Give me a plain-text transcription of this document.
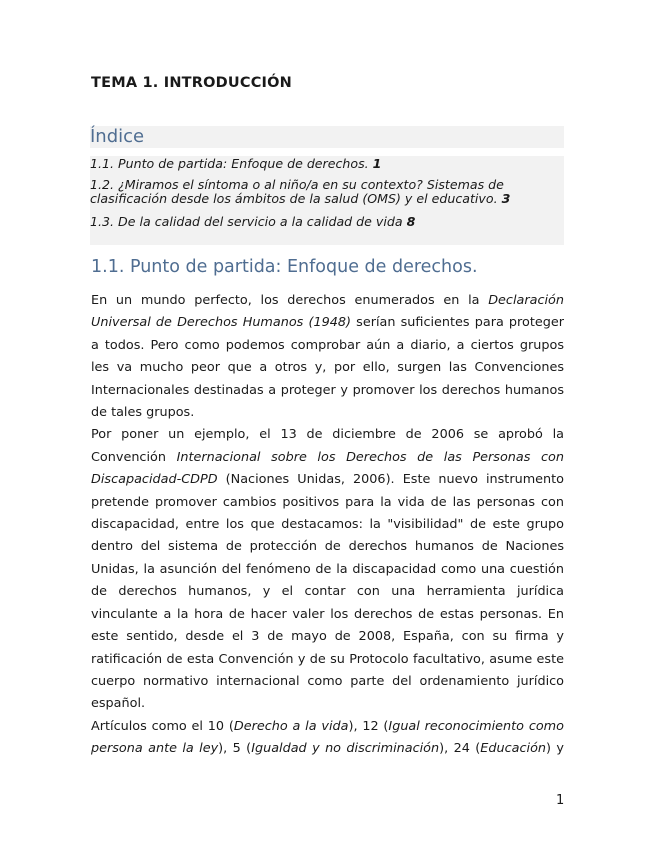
TEMA 1. INTRODUCCIÓN
Índice
1.1. Punto de partida: Enfoque de derechos. 1
1.2. ¿Miramos el síntoma o al niño/a en su contexto? Sistemas de
clasificación desde los ámbitos de la salud (OMS) y el educativo. 3
1.3. De la calidad del servicio a la calidad de vida 8
1.1. Punto de partida: Enfoque de derechos.

En un mundo perfecto, los derechos enumerados en la Declaración Universal de Derechos Humanos (1948) serían suficientes para proteger a todos. Pero como podemos comprobar aún a diario, a ciertos grupos les va mucho peor que a otros y, por ello, surgen las Convenciones Internacionales destinadas a proteger y promover los derechos humanos de tales grupos.

Por poner un ejemplo, el 13 de diciembre de 2006 se aprobó la Convención Internacional sobre los Derechos de las Personas con Discapacidad-CDPD (Naciones Unidas, 2006). Este nuevo instrumento pretende promover cambios positivos para la vida de las personas con discapacidad, entre los que destacamos: la "visibilidad" de este grupo dentro del sistema de protección de derechos humanos de Naciones Unidas, la asunción del fenómeno de la discapacidad como una cuestión de derechos humanos, y el contar con una herramienta jurídica vinculante a la hora de hacer valer los derechos de estas personas. En este sentido, desde el 3 de mayo de 2008, España, con su firma y ratificación de esta Convención y de su Protocolo facultativo, asume este cuerpo normativo internacional como parte del ordenamiento jurídico español.

Artículos como el 10 (Derecho a la vida), 12 (Igual reconocimiento como persona ante la ley), 5 (Igualdad y no discriminación), 24 (Educación) y

1
